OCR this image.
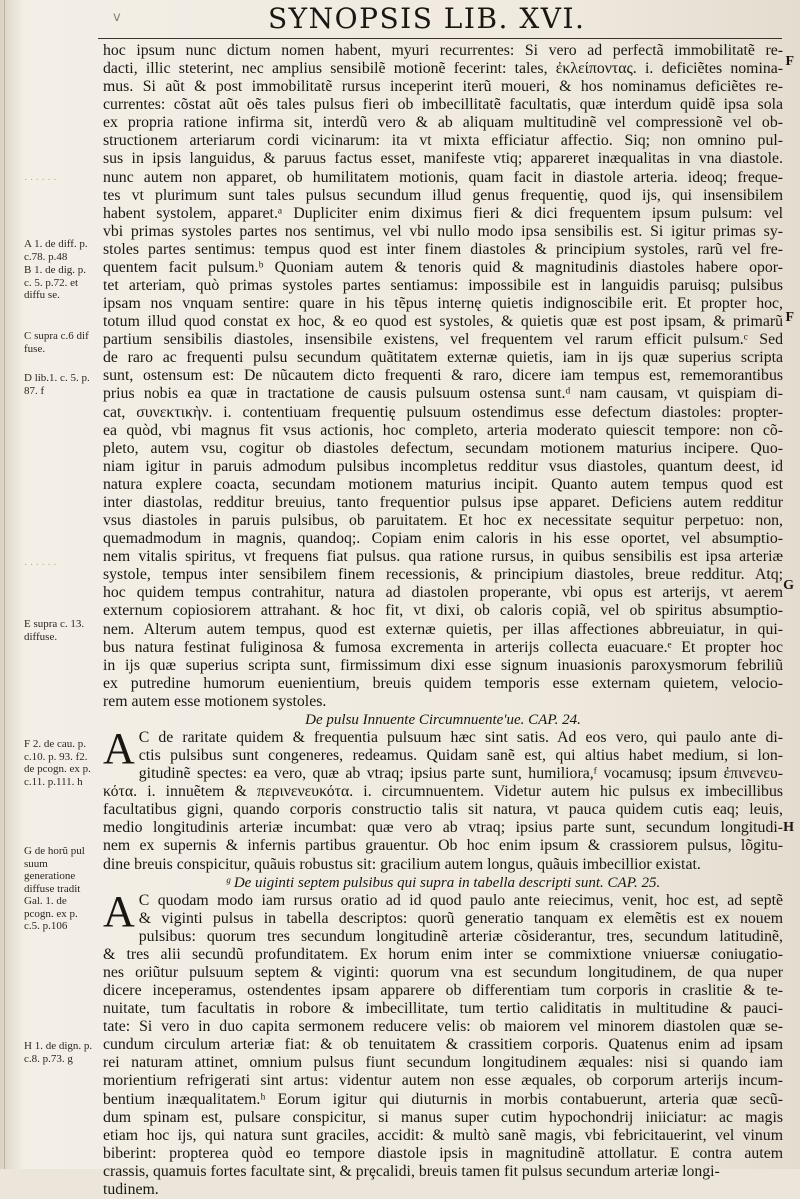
v	SYNOPSIS LIB. XVI.
· · · · · ·
· · · · · ·
A 1. de diff. p. c.78. p.48
B 1. de dig. p. c. 5. p.72. et diffu se.
C supra c.6 dif fuse.
D lib.1. c. 5. p. 87. f
E supra c. 13. diffuse.
F 2. de cau. p. c.10. p. 93. f2. de pcogn. ex p. c.11. p.111. h
G de horũ pul suum generatione diffuse tradit Gal. 1. de pcogn. ex p. c.5. p.106
H 1. de dign. p. c.8. p.73. g
F
F
G
H

hoc ipsum nunc dictum nomen habent, myuri recurrentes: Si vero ad perfectã immobilitatẽ re-

dacti, illic steterint, nec amplius sensibilẽ motionẽ fecerint: tales, ἐκλείποντας. i. deficiẽtes nomina-

mus. Si aũt & post immobilitatẽ rursus inceperint iterũ moueri, & hos nominamus deficiẽtes re-

currentes: cõstat aũt oẽs tales pulsus fieri ob imbecillitatẽ facultatis, quæ interdum quidẽ ipsa sola

ex propria ratione infirma sit, interdũ vero & ab aliquam multitudinẽ vel compressionẽ vel ob-

structionem arteriarum cordi vicinarum: ita vt mixta efficiatur affectio. Siq; non omnino pul-

sus in ipsis languidus, & paruus factus esset, manifeste vtiq; appareret inæqualitas in vna diastole.

nunc autem non apparet, ob humilitatem motionis, quam facit in diastole arteria. ideoq; freque-

tes vt plurimum sunt tales pulsus secundum illud genus frequentię, quod ijs, qui insensibilem

habent systolem, apparet.ᵃ Dupliciter enim diximus fieri & dici frequentem ipsum pulsum: vel

vbi primas systoles partes nos sentimus, vel vbi nullo modo ipsa sensibilis est. Si igitur primas sy-

stoles partes sentimus: tempus quod est inter finem diastoles & principium systoles, rarũ vel fre-

quentem facit pulsum.ᵇ Quoniam autem & tenoris quid & magnitudinis diastoles habere opor-

tet arteriam, quò primas systoles partes sentiamus: impossibile est in languidis paruisq; pulsibus

ipsam nos vnquam sentire: quare in his tẽpus internę quietis indignoscibile erit. Et propter hoc,

totum illud quod constat ex hoc, & eo quod est systoles, & quietis quæ est post ipsam, & primarũ

partium sensibilis diastoles, insensibile existens, vel frequentem vel rarum efficit pulsum.ᶜ Sed

de raro ac frequenti pulsu secundum quãtitatem externæ quietis, iam in ijs quæ superius scripta

sunt, ostensum est: De nũcautem dicto frequenti & raro, dicere iam tempus est, rememorantibus

prius nobis ea quæ in tractatione de causis pulsuum ostensa sunt.ᵈ nam causam, vt quispiam di-

cat, συνεκτικὴν. i. contentiuam frequentię pulsuum ostendimus esse defectum diastoles: propter-

ea quòd, vbi magnus fit vsus actionis, hoc completo, arteria moderato quiescit tempore: non cõ-

pleto, autem vsu, cogitur ob diastoles defectum, secundam motionem maturius incipere. Quo-

niam igitur in paruis admodum pulsibus incompletus redditur vsus diastoles, quantum deest, id

natura explere coacta, secundam motionem maturius incipit. Quanto autem tempus quod est

inter diastolas, redditur breuius, tanto frequentior pulsus ipse apparet. Deficiens autem redditur

vsus diastoles in paruis pulsibus, ob paruitatem. Et hoc ex necessitate sequitur perpetuo: non,

quemadmodum in magnis, quandoq;. Copiam enim caloris in his esse oportet, vel absumptio-

nem vitalis spiritus, vt frequens fiat pulsus. qua ratione rursus, in quibus sensibilis est ipsa arteriæ

systole, tempus inter sensibilem finem recessionis, & principium diastoles, breue redditur. Atq;

hoc quidem tempus contrahitur, natura ad diastolen properante, vbi opus est arterijs, vt aerem

externum copiosiorem attrahant. & hoc fit, vt dixi, ob caloris copiã, vel ob spiritus absumptio-

nem. Alterum autem tempus, quod est externæ quietis, per illas affectiones abbreuiatur, in qui-

bus natura festinat fuliginosa & fumosa excrementa in arterijs collecta euacuare.ᵉ Et propter hoc

in ijs quæ superius scripta sunt, firmissimum dixi esse signum inuasionis paroxysmorum febriliũ

ex putredine humorum euenientium, breuis quidem temporis esse externam quietem, velocio-

rem autem esse motionem systoles.

De pulsu Innuente Circumnuente'ue. CAP. 24.

A C de raritate quidem & frequentia pulsuum hæc sint satis. Ad eos vero, qui paulo ante di-

ctis pulsibus sunt congeneres, redeamus. Quidam sanẽ est, qui altius habet medium, si lon-

gitudinẽ spectes: ea vero, quæ ab vtraq; ipsius parte sunt, humiliora,ᶠ vocamusq; ipsum ἐπινενευ-

κότα. i. innuẽtem & περινενευκότα. i. circumnuentem. Videtur autem hic pulsus ex imbecillibus

facultatibus gigni, quando corporis constructio talis sit natura, vt pauca quidem cutis eaq; leuis,

medio longitudinis arteriæ incumbat: quæ vero ab vtraq; ipsius parte sunt, secundum longitudi-

nem ex supernis & infernis partibus grauentur. Ob hoc enim ipsum & crassiorem pulsus, lõgitu-

dine breuis conspicitur, quãuis robustus sit: gracilium autem longus, quãuis imbecillior existat.

ᵍ De uiginti septem pulsibus qui supra in tabella descripti sunt. CAP. 25.

A C quodam modo iam rursus oratio ad id quod paulo ante reiecimus, venit, hoc est, ad septẽ

& viginti pulsus in tabella descriptos: quorũ generatio tanquam ex elemẽtis est ex nouem

pulsibus: quorum tres secundum longitudinẽ arteriæ cõsiderantur, tres, secundum latitudinẽ,

& tres alii secundũ profunditatem. Ex horum enim inter se commixtione vniuersæ coniugatio-

nes oriũtur pulsuum septem & viginti: quorum vna est secundum longitudinem, de qua nuper

dicere inceperamus, ostendentes ipsam apparere ob differentiam tum corporis in craslitie & te-

nuitate, tum facultatis in robore & imbecillitate, tum tertio caliditatis in multitudine & pauci-

tate: Si vero in duo capita sermonem reducere velis: ob maiorem vel minorem diastolen quæ se-

cundum circulum arteriæ fiat: & ob tenuitatem & crassitiem corporis. Quatenus enim ad ipsam

rei naturam attinet, omnium pulsus fiunt secundum longitudinem æquales: nisi si quando iam

morientium refrigerati sint artus: videntur autem non esse æquales, ob corporum arterijs incum-

bentium inæqualitatem.ʰ Eorum igitur qui diuturnis in morbis contabuerunt, arteria quæ secũ-

dum spinam est, pulsare conspicitur, si manus super cutim hypochondrij iniiciatur: ac magis

etiam hoc ijs, qui natura sunt graciles, accidit: & multò sanẽ magis, vbi febricitauerint, vel vinum

biberint: propterea quòd eo tempore diastole ipsis in magnitudinẽ attollatur. E contra autem

crassis, quamuis fortes facultate sint, & prȩcalidi, breuis tamen fit pulsus secundum arteriæ longi-

tudinem.
